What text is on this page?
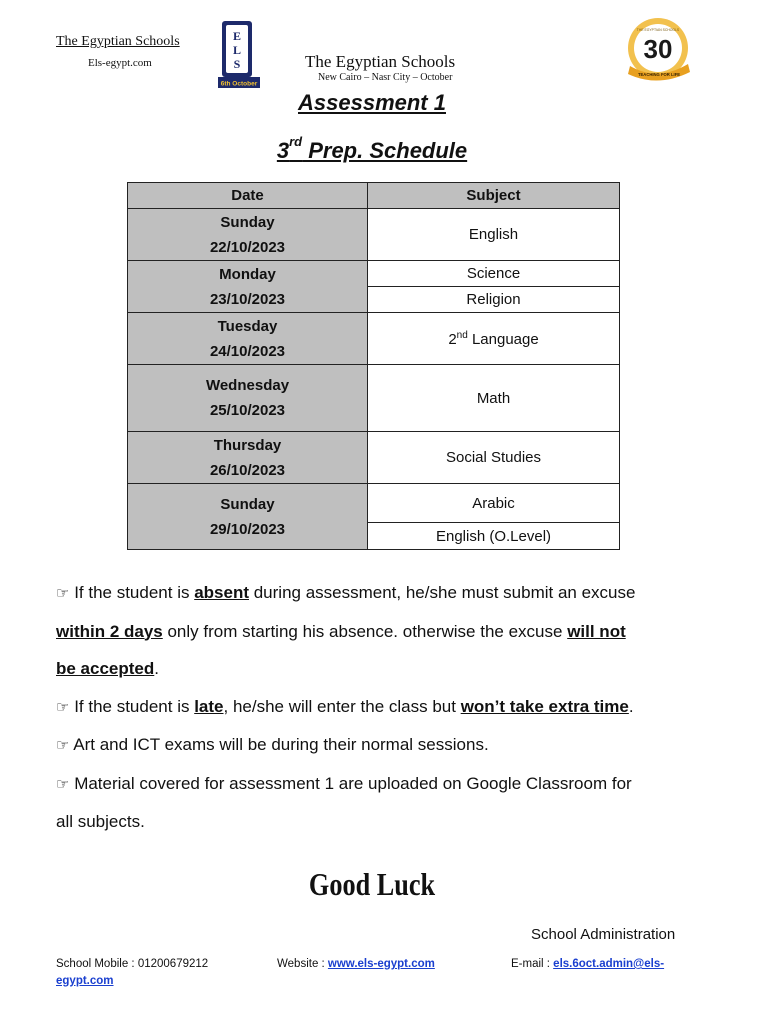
The Egyptian Schools
Els-egypt.com
E
L
S
6th October
The Egyptian Schools
New Cairo – Nasr City – October
30
THE EGYPTIAN SCHOOLS
TEACHING FOR LIFE
Assessment 1
3rd Prep. Schedule
Date	Subject

Sunday
22/10/2023	English

Monday
23/10/2023	Science
	Religion

Tuesday
24/10/2023	2nd Language

Wednesday
25/10/2023	Math

Thursday
26/10/2023	Social Studies

Sunday
29/10/2023	Arabic
	English (O.Level)

☞ If the student is absent during assessment, he/she must submit an excuse
within 2 days only from starting his absence. otherwise the excuse will not
be accepted.

☞ If the student is late, he/she will enter the class but won’t take extra time.

☞ Art and ICT exams will be during their normal sessions.

☞ Material covered for assessment 1 are uploaded on Google Classroom for
all subjects.

Good Luck
School Administration
School Mobile : 01200679212	Website : www.els-egypt.com	E-mail : els.6oct.admin@els-
egypt.com
